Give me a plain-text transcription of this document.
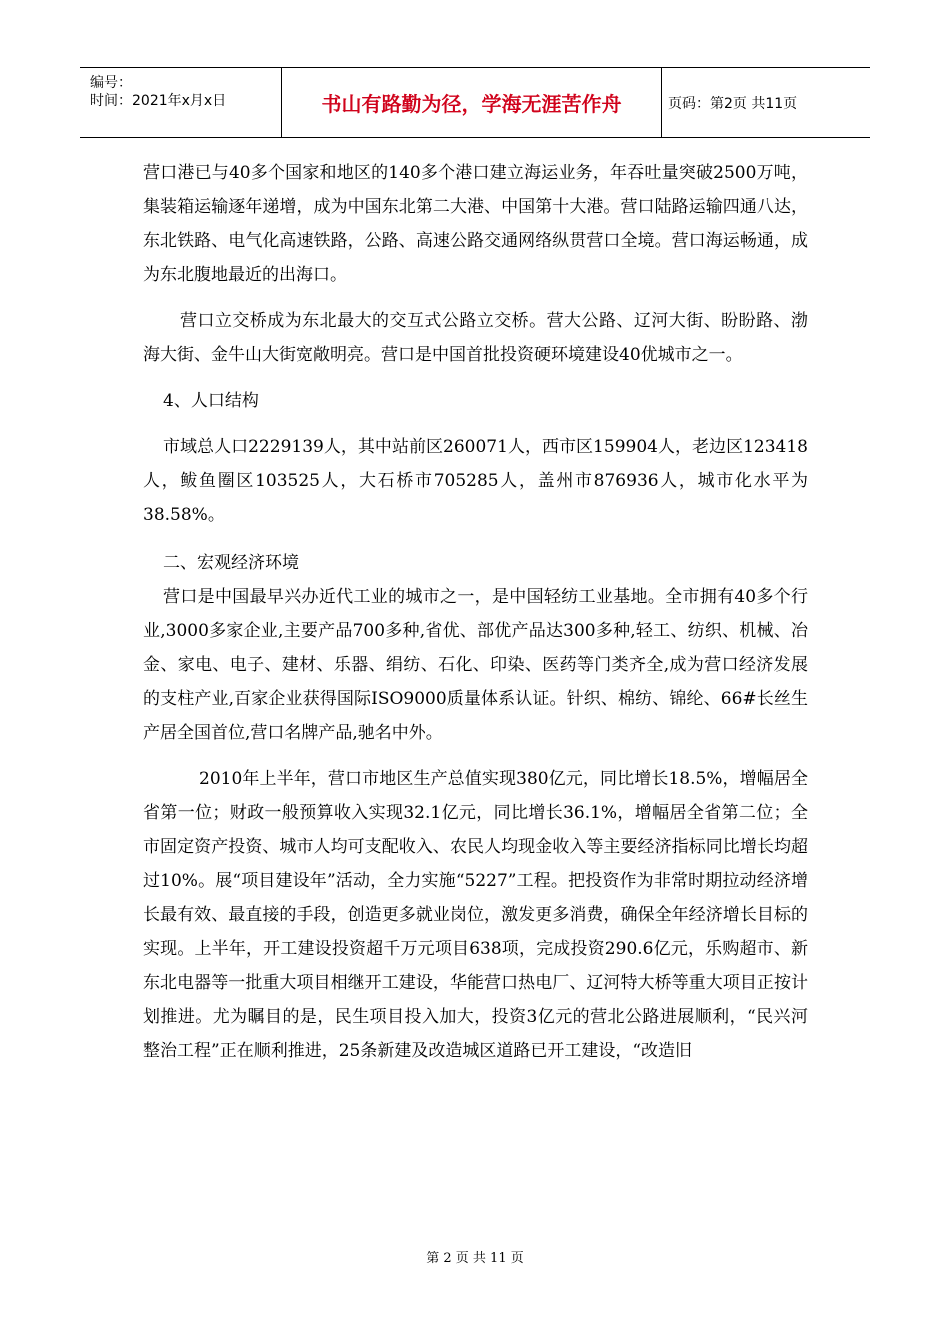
编号：
时间：2021年x月x日	书山有路勤为径，学海无涯苦作舟	页码：第2页 共11页

营口港已与40多个国家和地区的140多个港口建立海运业务，年吞吐量突破2500万吨，集装箱运输逐年递增，成为中国东北第二大港、中国第十大港。营口陆路运输四通八达，东北铁路、电气化高速铁路，公路、高速公路交通网络纵贯营口全境。营口海运畅通，成为东北腹地最近的出海口。

营口立交桥成为东北最大的交互式公路立交桥。营大公路、辽河大街、盼盼路、渤海大街、金牛山大街宽敞明亮。营口是中国首批投资硬环境建设40优城市之一。

4、人口结构

市域总人口2229139人，其中站前区260071人，西市区159904人，老边区123418人，鲅鱼圈区103525人，大石桥市705285人，盖州市876936人，城市化水平为38.58%。

二、宏观经济环境

营口是中国最早兴办近代工业的城市之一，是中国轻纺工业基地。全市拥有40多个行业,3000多家企业,主要产品700多种,省优、部优产品达300多种,轻工、纺织、机械、冶金、家电、电子、建材、乐器、绢纺、石化、印染、医药等门类齐全,成为营口经济发展的支柱产业,百家企业获得国际ISO9000质量体系认证。针织、棉纺、锦纶、66#长丝生产居全国首位,营口名牌产品,驰名中外。

2010年上半年，营口市地区生产总值实现380亿元，同比增长18.5%，增幅居全省第一位；财政一般预算收入实现32.1亿元，同比增长36.1%，增幅居全省第二位；全市固定资产投资、城市人均可支配收入、农民人均现金收入等主要经济指标同比增长均超过10%。展“项目建设年”活动，全力实施“5227”工程。把投资作为非常时期拉动经济增长最有效、最直接的手段，创造更多就业岗位，激发更多消费，确保全年经济增长目标的实现。上半年，开工建设投资超千万元项目638项，完成投资290.6亿元，乐购超市、新东北电器等一批重大项目相继开工建设，华能营口热电厂、辽河特大桥等重大项目正按计划推进。尤为瞩目的是，民生项目投入加大，投资3亿元的营北公路进展顺利，“民兴河整治工程”正在顺利推进，25条新建及改造城区道路已开工建设，“改造旧

第 2 页 共 11 页
